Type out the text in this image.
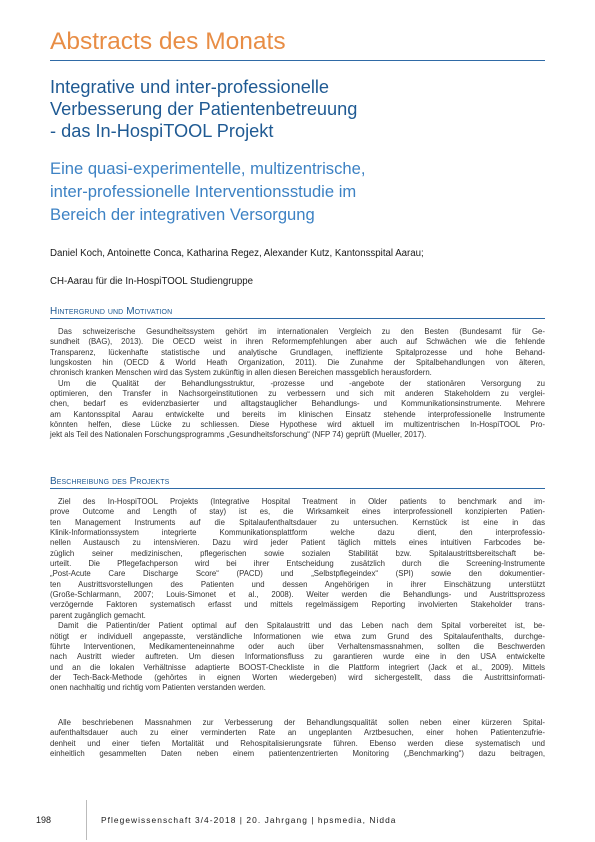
Abstracts des Monats
Integrative und inter-professionelle
Verbesserung der Patientenbetreuung
- das In-HospiTOOL Projekt
Eine quasi-experimentelle, multizentrische,
inter-professionelle Interventionsstudie im
Bereich der integrativen Versorgung
Daniel Koch, Antoinette Conca, Katharina Regez, Alexander Kutz, Kantonsspital Aarau;
CH-Aarau für die In-HospiTOOL Studiengruppe
Hintergrund und Motivation
Das schweizerische Gesundheitssystem gehört im internationalen Vergleich zu den Besten (Bundesamt für Ge-
sundheit (BAG), 2013). Die OECD weist in ihren Reformempfehlungen aber auch auf Schwächen wie die fehlende
Transparenz, lückenhafte statistische und analytische Grundlagen, ineffiziente Spitalprozesse und hohe Behand-
lungskosten hin (OECD & World Heath Organization, 2011). Die Zunahme der Spitalbehandlungen von älteren,
chronisch kranken Menschen wird das System zukünftig in allen diesen Bereichen massgeblich herausfordern.
Um die Qualität der Behandlungsstruktur, -prozesse und -angebote der stationären Versorgung zu
optimieren, den Transfer in Nachsorgeinstitutionen zu verbessern und sich mit anderen Stakeholdern zu verglei-
chen, bedarf es evidenzbasierter und alltagstauglicher Behandlungs- und Kommunikationsinstrumente. Mehrere
am Kantonsspital Aarau entwickelte und bereits im klinischen Einsatz stehende interprofessionelle Instrumente
könnten helfen, diese Lücke zu schliessen. Diese Hypothese wird aktuell im multizentrischen In-HospiTOOL Pro-
jekt als Teil des Nationalen Forschungsprogramms „Gesundheitsforschung“ (NFP 74) geprüft (Mueller, 2017).
Beschreibung des Projekts
Ziel des In-HospiTOOL Projekts (Integrative Hospital Treatment in Older patients to benchmark and im-
prove Outcome and Length of stay) ist es, die Wirksamkeit eines interprofessionell konzipierten Patien-
ten Management Instruments auf die Spitalaufenthaltsdauer zu untersuchen. Kernstück ist eine in das
Klinik-Informationssystem integrierte Kommunikationsplattform welche dazu dient, den interprofessio-
nellen Austausch zu intensivieren. Dazu wird jeder Patient täglich mittels eines intuitiven Farbcodes be-
züglich seiner medizinischen, pflegerischen sowie sozialen Stabilität bzw. Spitalaustrittsbereitschaft be-
urteilt. Die Pflegefachperson wird bei ihrer Entscheidung zusätzlich durch die Screening-Instrumente
„Post-Acute Care Discharge Score“ (PACD) und „Selbstpflegeindex“ (SPI) sowie den dokumentier-
ten Austrittsvorstellungen des Patienten und dessen Angehörigen in ihrer Einschätzung unterstützt
(Große-Schlarmann, 2007; Louis-Simonet et al., 2008). Weiter werden die Behandlungs- und Austrittsprozess
verzögernde Faktoren systematisch erfasst und mittels regelmässigem Reporting involvierten Stakeholder trans-
parent zugänglich gemacht.
Damit die Patientin/der Patient optimal auf den Spitalaustritt und das Leben nach dem Spital vorbereitet ist, be-
nötigt er individuell angepasste, verständliche Informationen wie etwa zum Grund des Spitalaufenthalts, durchge-
führte Interventionen, Medikamenteneinnahme oder auch über Verhaltensmassnahmen, sollten die Beschwerden
nach Austritt wieder auftreten. Um diesen Informationsfluss zu garantieren wurde eine in den USA entwickelte
und an die lokalen Verhältnisse adaptierte BOOST-Checkliste in die Plattform integriert (Jack et al., 2009). Mittels
der Tech-Back-Methode (gehörtes in eignen Worten wiedergeben) wird sichergestellt, dass die Austrittsinformati-
onen nachhaltig und richtig vom Patienten verstanden werden.
Alle beschriebenen Massnahmen zur Verbesserung der Behandlungsqualität sollen neben einer kürzeren Spital-
aufenthaltsdauer auch zu einer verminderten Rate an ungeplanten Arztbesuchen, einer hohen Patientenzufrie-
denheit und einer tiefen Mortalität und Rehospitalisierungsrate führen. Ebenso werden diese systematisch und
einheitlich gesammelten Daten neben einem patientenzentrierten Monitoring („Benchmarking“) dazu beitragen,
198	Pflegewissenschaft 3/4-2018 | 20. Jahrgang | hpsmedia, Nidda
